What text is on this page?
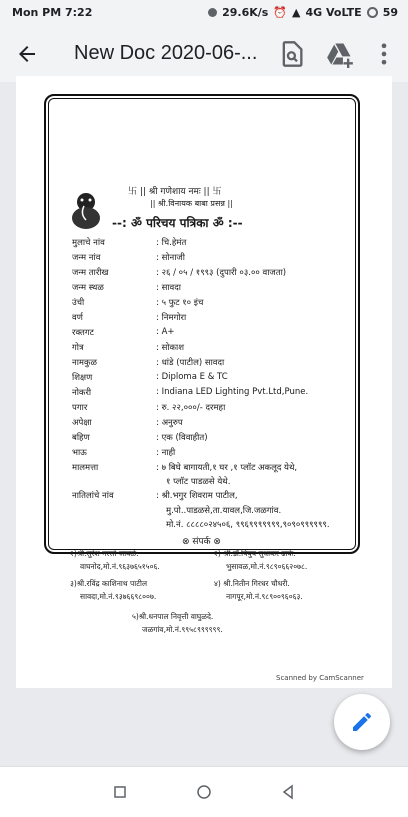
Mon PM 7:22	29.6K/s ⏰ ▲ 4G VoLTE 59
New Doc 2020-06-...
卐 || श्री गणेशाय नमः || 卐
|| श्री.विनायक बाबा प्रसन्न ||
--: ॐ परिचय पत्रिका ॐ :--
मुलाचे नांव	: चि.हेमंत
जन्म नांव	: सोनाजी
जन्म तारीख	: २६ / ०५ / १९९३ (दुपारी ०३.०० वाजता)
जन्म स्थळ	: सावदा
उंची	: ५ फुट १० इंच
वर्ण	: निमगोरा
रक्तगट	: A+
गोत्र	: सोकाश
नामकुळ	: धांडे (पाटील) सावदा
शिक्षण	: Diploma E & TC
नोकरी	: Indiana LED Lighting Pvt.Ltd,Pune.
पगार	: रु. २२,०००/- दरमहा
अपेक्षा	: अनुरुप
बहिण	: एक (विवाहीत)
भाऊ	: नाही
मालमत्ता	: ७ बिघे बागायती,१ घर ,१ प्लॉट अकलूद येथे,
१ प्लॉट पाडळसे येथे.
नातिलांचे नांव	: श्री.भगुर शिवराम पाटील,
मु.पो..पाडळसे,ता.यावल,जि.जळगांव.
मो.नं. ८८८८०२४५०६, ९९६९९९९९९९,९०९०९९९९९९.
⊗ संपर्क ⊗
१)श्री.सुरेश नरसो जावळे.
वाघनोद,मो.नं.९६३७६५१५०६.
२) श्री.डॉ.पियुष सुधाकर ढाके.
भुसावळ,मो.नं.९८९०६६२०७८.
३)श्री.रविंद्र काशिनाथ पाटील
सावदा,मो.नं.९३७६६९८००७.
४) श्री.नितीन गिरधर चौधरी.
नागपूर,मो.नं.९८९००९६०६३.
५)श्री.धनपाल निवृत्ती वाघुळदे.
जळगांव,मो.नं.९९५८९९९९९९.
Scanned by CamScanner
